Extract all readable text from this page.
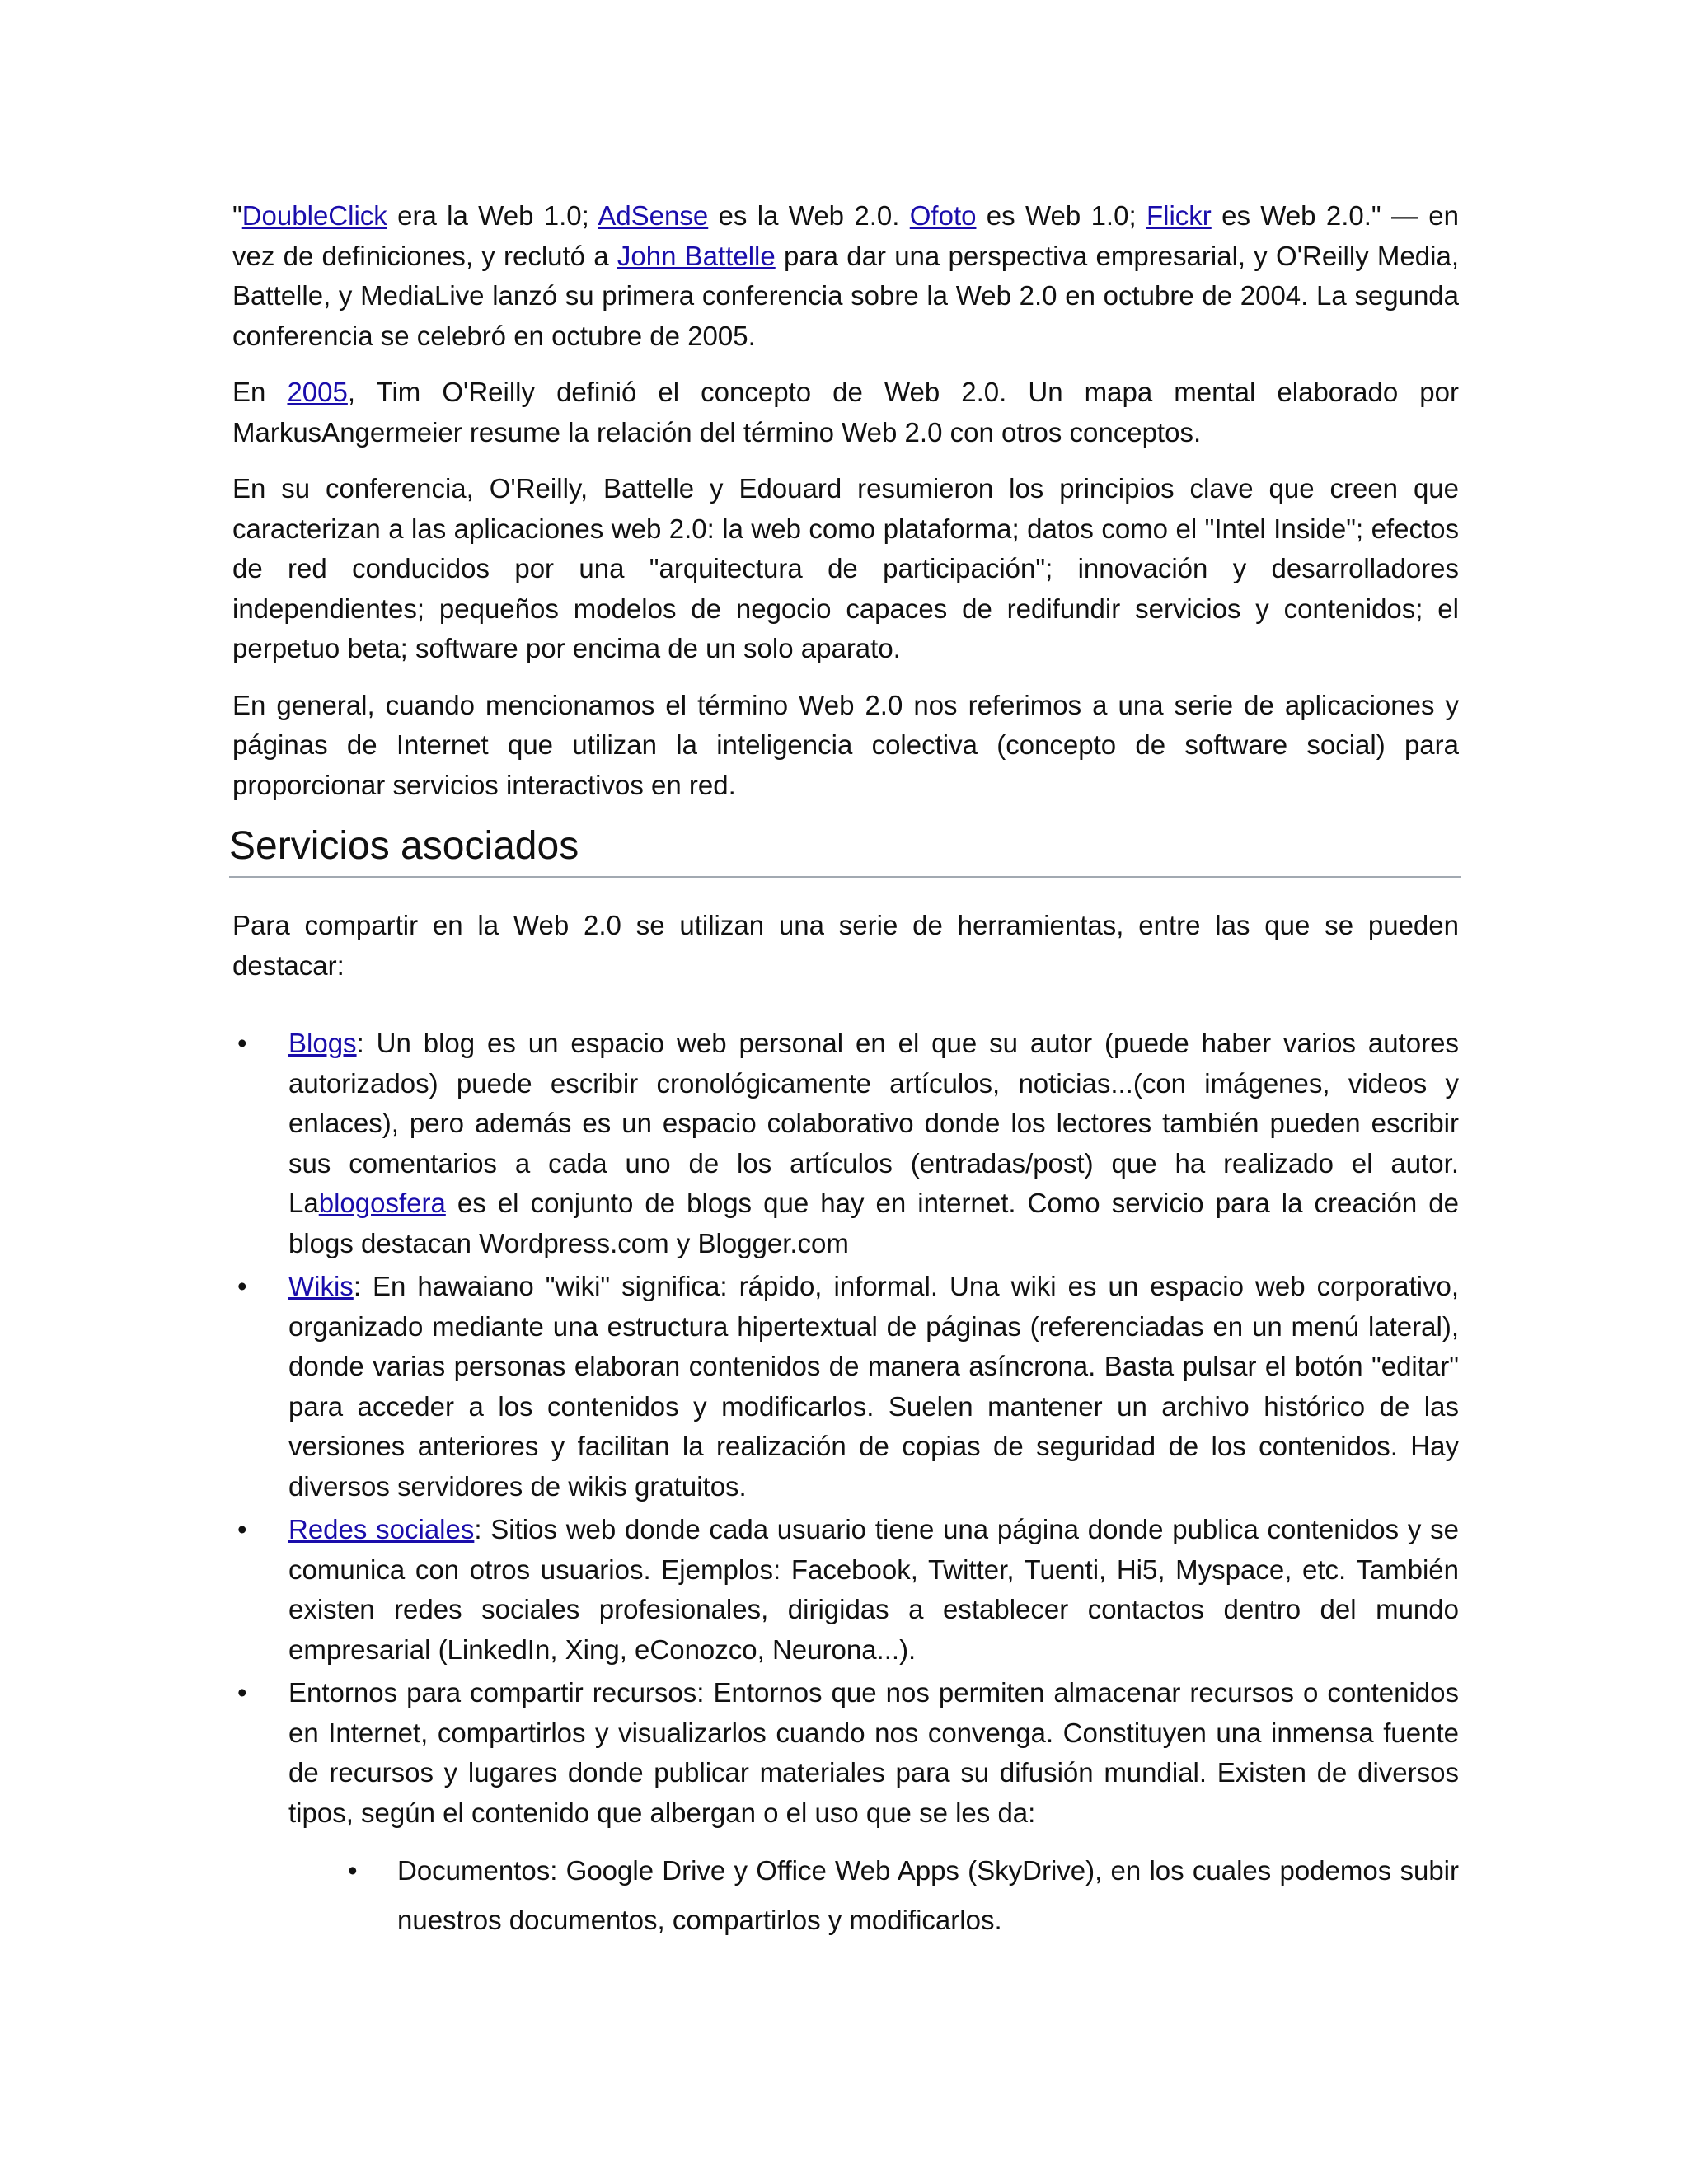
"DoubleClick era la Web 1.0; AdSense es la Web 2.0. Ofoto es Web 1.0; Flickr es Web 2.0." — en vez de definiciones, y reclutó a John Battelle para dar una perspectiva empresarial, y O'Reilly Media, Battelle, y MediaLive lanzó su primera conferencia sobre la Web 2.0 en octubre de 2004. La segunda conferencia se celebró en octubre de 2005.

En 2005, Tim O'Reilly definió el concepto de Web 2.0. Un mapa mental elaborado por MarkusAngermeier resume la relación del término Web 2.0 con otros conceptos.

En su conferencia, O'Reilly, Battelle y Edouard resumieron los principios clave que creen que caracterizan a las aplicaciones web 2.0: la web como plataforma; datos como el "Intel Inside"; efectos de red conducidos por una "arquitectura de participación"; innovación y desarrolladores independientes; pequeños modelos de negocio capaces de redifundir servicios y contenidos; el perpetuo beta; software por encima de un solo aparato.

En general, cuando mencionamos el término Web 2.0 nos referimos a una serie de aplicaciones y páginas de Internet que utilizan la inteligencia colectiva (concepto de software social) para proporcionar servicios interactivos en red.

Servicios asociados

Para compartir en la Web 2.0 se utilizan una serie de herramientas, entre las que se pueden destacar:

• Blogs: Un blog es un espacio web personal en el que su autor (puede haber varios autores autorizados) puede escribir cronológicamente artículos, noticias...(con imágenes, videos y enlaces), pero además es un espacio colaborativo donde los lectores también pueden escribir sus comentarios a cada uno de los artículos (entradas/post) que ha realizado el autor. Lablogosfera es el conjunto de blogs que hay en internet. Como servicio para la creación de blogs destacan Wordpress.com y Blogger.com
• Wikis: En hawaiano "wiki" significa: rápido, informal. Una wiki es un espacio web corporativo, organizado mediante una estructura hipertextual de páginas (referenciadas en un menú lateral), donde varias personas elaboran contenidos de manera asíncrona. Basta pulsar el botón "editar" para acceder a los contenidos y modificarlos. Suelen mantener un archivo histórico de las versiones anteriores y facilitan la realización de copias de seguridad de los contenidos. Hay diversos servidores de wikis gratuitos.
• Redes sociales: Sitios web donde cada usuario tiene una página donde publica contenidos y se comunica con otros usuarios. Ejemplos: Facebook, Twitter, Tuenti, Hi5, Myspace, etc. También existen redes sociales profesionales, dirigidas a establecer contactos dentro del mundo empresarial (LinkedIn, Xing, eConozco, Neurona...).
• Entornos para compartir recursos: Entornos que nos permiten almacenar recursos o contenidos en Internet, compartirlos y visualizarlos cuando nos convenga. Constituyen una inmensa fuente de recursos y lugares donde publicar materiales para su difusión mundial. Existen de diversos tipos, según el contenido que albergan o el uso que se les da:
• Documentos: Google Drive y Office Web Apps (SkyDrive), en los cuales podemos subir nuestros documentos, compartirlos y modificarlos.
